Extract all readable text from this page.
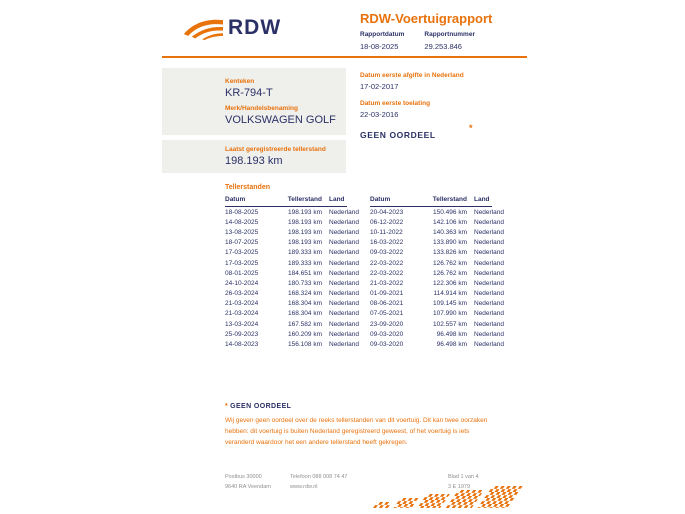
RDW	RDW-Voertuigrapport
Rapportdatum
18-08-2025
Rapportnummer
29.253.846
Kenteken
KR-794-T
Merk/Handelsbenaming
VOLKSWAGEN GOLF
Laatst geregistreerde tellerstand
198.193 km
Datum eerste afgifte in Nederland
17-02-2017
Datum eerste toelating
22-03-2016
GEEN OORDEEL
*
Tellerstanden
Datum	Tellerstand	Land
18-08-2025	198.193 km	Nederland
14-08-2025	198.193 km	Nederland
13-08-2025	198.193 km	Nederland
18-07-2025	198.193 km	Nederland
17-03-2025	189.333 km	Nederland
17-03-2025	189.333 km	Nederland
08-01-2025	184.651 km	Nederland
24-10-2024	180.733 km	Nederland
26-03-2024	168.324 km	Nederland
21-03-2024	168.304 km	Nederland
21-03-2024	168.304 km	Nederland
13-03-2024	167.582 km	Nederland
25-09-2023	160.209 km	Nederland
14-08-2023	156.108 km	Nederland
Datum	Tellerstand	Land
20-04-2023	150.496 km	Nederland
06-12-2022	142.106 km	Nederland
10-11-2022	140.363 km	Nederland
16-03-2022	133.890 km	Nederland
09-03-2022	133.826 km	Nederland
22-03-2022	126.762 km	Nederland
22-03-2022	126.762 km	Nederland
21-03-2022	122.306 km	Nederland
01-09-2021	114.914 km	Nederland
08-06-2021	109.145 km	Nederland
07-05-2021	107.990 km	Nederland
23-09-2020	102.557 km	Nederland
09-03-2020	96.498 km	Nederland
09-03-2020	96.498 km	Nederland
* GEEN OORDEEL
Wij geven geen oordeel over de reeks tellerstanden van dit voertuig. Dit kan twee oorzaken hebben: dit voertuig is buiten Nederland geregistreerd geweest, of het voertuig is iets veranderd waardoor het een andere tellerstand heeft gekregen.
Postbus 30000
9640 RA Veendam
Telefoon 088 008 74 47
www.rdw.nl
Blad 1 van 4
3 E 1979
